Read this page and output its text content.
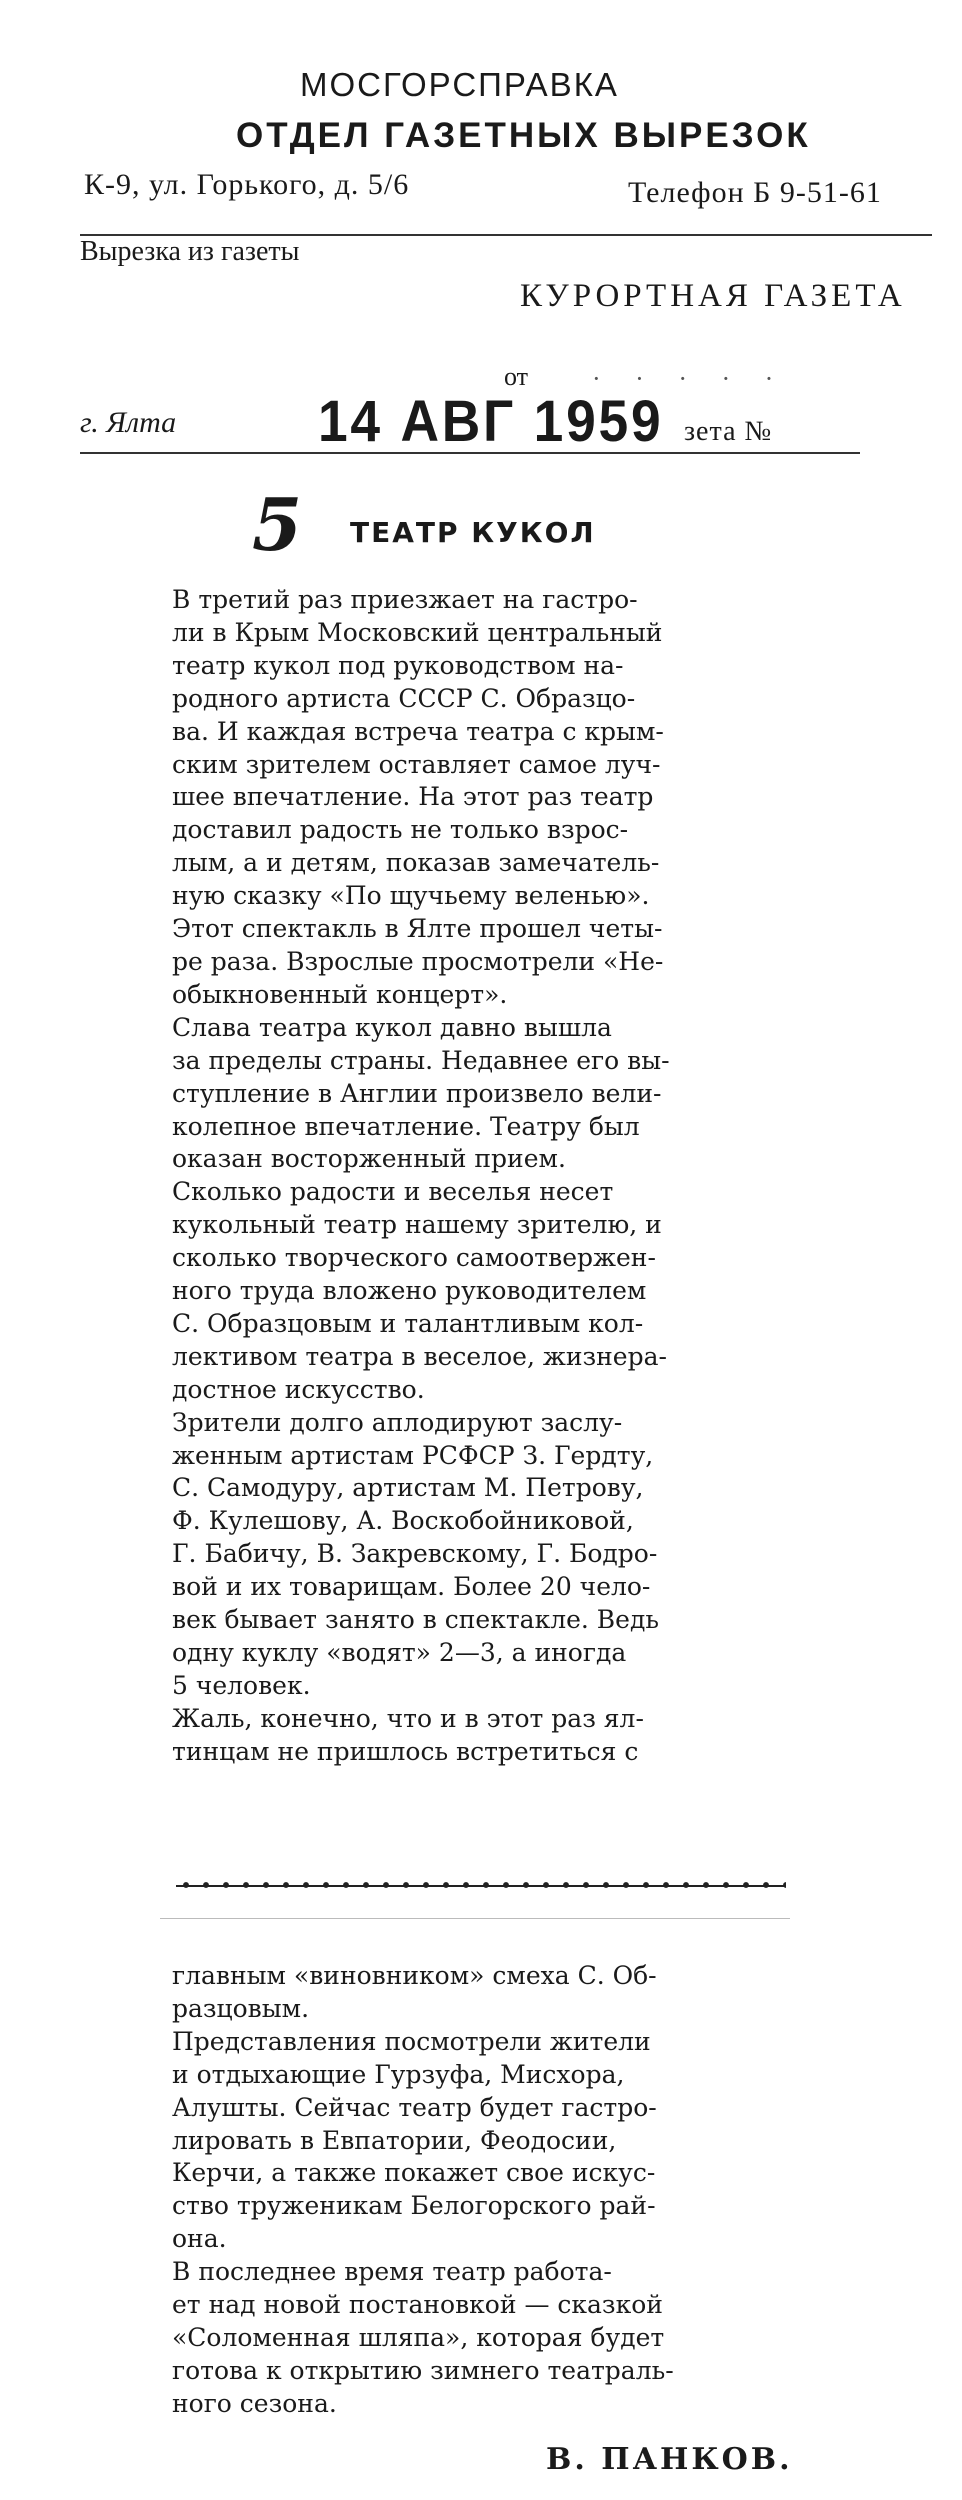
МОСГОРСПРАВКА
ОТДЕЛ ГАЗЕТНЫХ ВЫРЕЗОК
К-9, ул. Горького, д. 5/6	Телефон Б 9-51-61
Вырезка из газеты
КУРОРТНАЯ ГАЗЕТА
от · · · · ·
г. Ялта 14 АВГ 1959 зета №
5 ТЕАТР КУКОЛ

В третий раз приезжает на гастро-
ли в Крым Московский центральный
театр кукол под руководством на-
родного артиста СССР С. Образцо-
ва. И каждая встреча театра с крым-
ским зрителем оставляет самое луч-
шее впечатление. На этот раз театр
доставил радость не только взрос-
лым, а и детям, показав замечатель-
ную сказку «По щучьему веленью».
Этот спектакль в Ялте прошел четы-
ре раза. Взрослые просмотрели «Не-
обыкновенный концерт».

Слава театра кукол давно вышла
за пределы страны. Недавнее его вы-
ступление в Англии произвело вели-
колепное впечатление. Театру был
оказан восторженный прием.

Сколько радости и веселья несет
кукольный театр нашему зрителю, и
сколько творческого самоотвержен-
ного труда вложено руководителем
С. Образцовым и талантливым кол-
лективом театра в веселое, жизнера-
достное искусство.

Зрители долго аплодируют заслу-
женным артистам РСФСР З. Гердту,
С. Самодуру, артистам М. Петрову,
Ф. Кулешову, А. Воскобойниковой,
Г. Бабичу, В. Закревскому, Г. Бодро-
вой и их товарищам. Более 20 чело-
век бывает занято в спектакле. Ведь
одну куклу «водят» 2—3, а иногда
5 человек.

Жаль, конечно, что и в этот раз ял-
тинцам не пришлось встретиться с

главным «виновником» смеха С. Об-
разцовым.

Представления посмотрели жители
и отдыхающие Гурзуфа, Мисхора,
Алушты. Сейчас театр будет гастро-
лировать в Евпатории, Феодосии,
Керчи, а также покажет свое искус-
ство труженикам Белогорского рай-
она.

В последнее время театр работа-
ет над новой постановкой — сказкой
«Соломенная шляпа», которая будет
готова к открытию зимнего театраль-
ного сезона.

В. ПАНКОВ.
